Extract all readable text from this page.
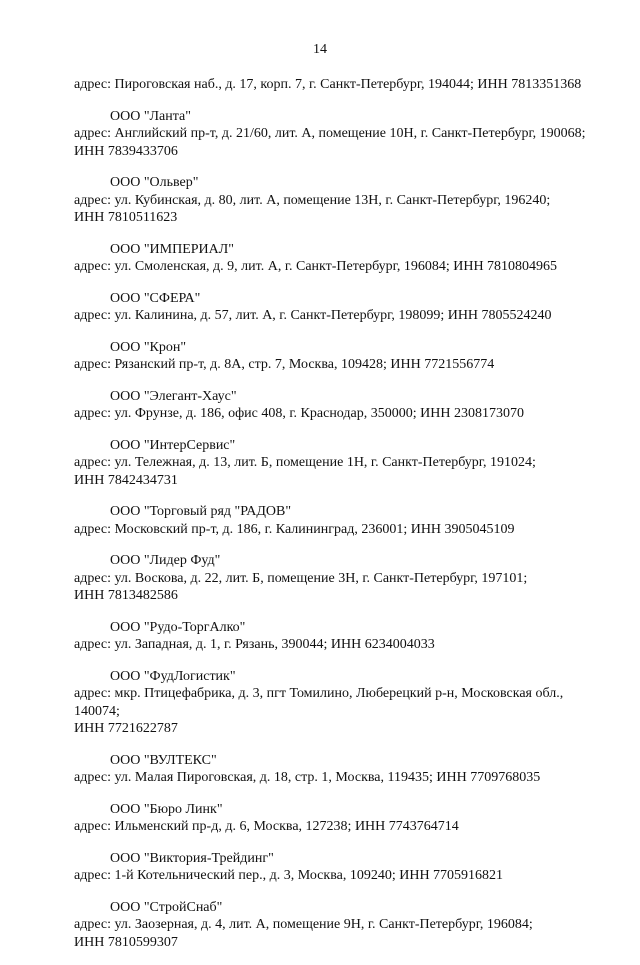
14
адрес: Пироговская наб., д. 17, корп. 7, г. Санкт-Петербург, 194044; ИНН 7813351368
ООО "Ланта"
адрес: Английский пр-т, д. 21/60, лит. А, помещение 10Н, г. Санкт-Петербург, 190068;
ИНН 7839433706
ООО "Ольвер"
адрес: ул. Кубинская, д. 80, лит. А, помещение 13Н, г. Санкт-Петербург, 196240;
ИНН 7810511623
ООО "ИМПЕРИАЛ"
адрес: ул. Смоленская, д. 9, лит. А, г. Санкт-Петербург, 196084; ИНН 7810804965
ООО "СФЕРА"
адрес: ул. Калинина, д. 57, лит. А, г. Санкт-Петербург, 198099; ИНН 7805524240
ООО "Крон"
адрес: Рязанский пр-т, д. 8А, стр. 7, Москва, 109428; ИНН 7721556774
ООО "Элегант-Хаус"
адрес: ул. Фрунзе, д. 186, офис 408, г. Краснодар, 350000; ИНН 2308173070
ООО "ИнтерСервис"
адрес: ул. Тележная, д. 13, лит. Б, помещение 1Н, г. Санкт-Петербург, 191024;
ИНН 7842434731
ООО "Торговый ряд "РАДОВ"
адрес: Московский пр-т, д. 186, г. Калининград, 236001; ИНН 3905045109
ООО "Лидер Фуд"
адрес: ул. Воскова, д. 22, лит. Б, помещение 3Н, г. Санкт-Петербург, 197101;
ИНН 7813482586
ООО "Рудо-ТоргАлко"
адрес: ул. Западная, д. 1, г. Рязань, 390044; ИНН 6234004033
ООО "ФудЛогистик"
адрес: мкр. Птицефабрика, д. 3, пгт Томилино, Люберецкий р-н, Московская обл.,
140074;
ИНН 7721622787
ООО "ВУЛТЕКС"
адрес: ул. Малая Пироговская, д. 18, стр. 1, Москва, 119435; ИНН 7709768035
ООО "Бюро Линк"
адрес: Ильменский пр-д, д. 6, Москва, 127238; ИНН 7743764714
ООО "Виктория-Трейдинг"
адрес: 1-й Котельнический пер., д. 3, Москва, 109240; ИНН 7705916821
ООО "СтройСнаб"
адрес: ул. Заозерная, д. 4, лит. А, помещение 9Н, г. Санкт-Петербург, 196084;
ИНН 7810599307
